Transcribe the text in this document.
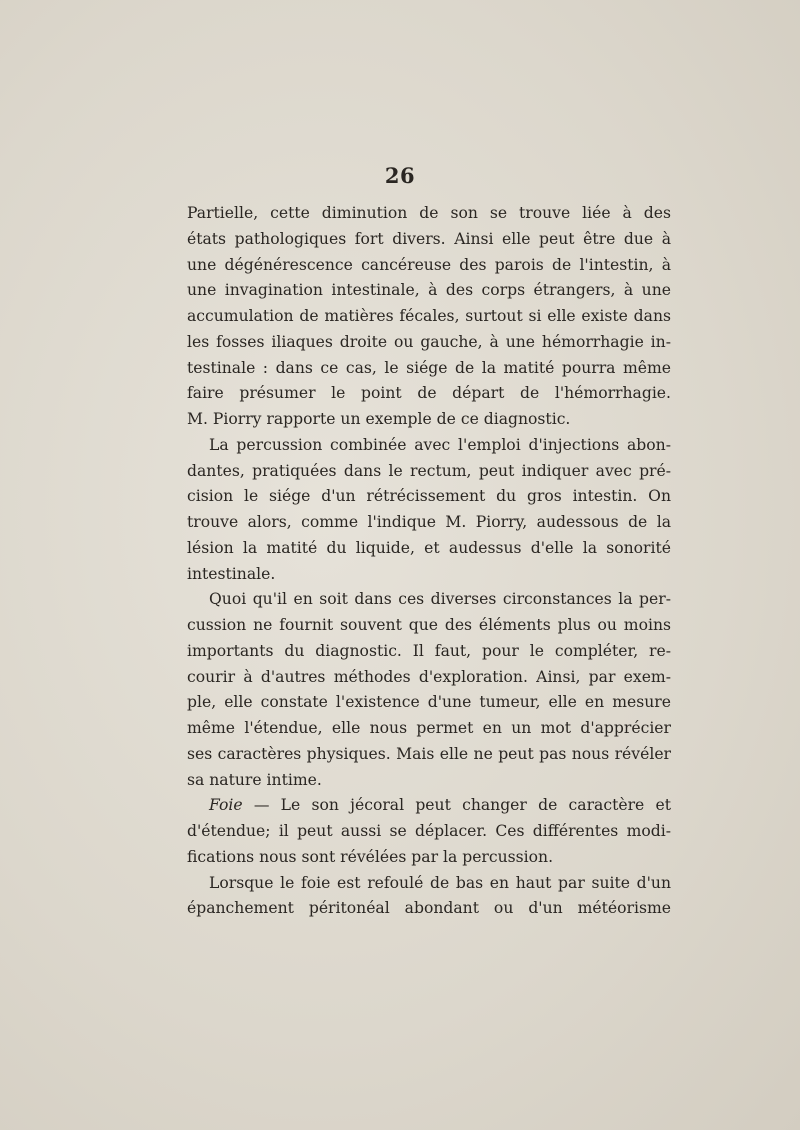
26
Partielle, cette diminution de son se trouve liée à des
états pathologiques fort divers. Ainsi elle peut être due à
une dégénérescence cancéreuse des parois de l'intestin, à
une invagination intestinale, à des corps étrangers, à une
accumulation de matières fécales, surtout si elle existe dans
les fosses iliaques droite ou gauche, à une hémorrhagie in-
testinale : dans ce cas, le siége de la matité pourra même
faire présumer le point de départ de l'hémorrhagie.
M. Piorry rapporte un exemple de ce diagnostic.
La percussion combinée avec l'emploi d'injections abon-
dantes, pratiquées dans le rectum, peut indiquer avec pré-
cision le siége d'un rétrécissement du gros intestin. On
trouve alors, comme l'indique M. Piorry, audessous de la
lésion la matité du liquide, et audessus d'elle la sonorité
intestinale.
Quoi qu'il en soit dans ces diverses circonstances la per-
cussion ne fournit souvent que des éléments plus ou moins
importants du diagnostic. Il faut, pour le compléter, re-
courir à d'autres méthodes d'exploration. Ainsi, par exem-
ple, elle constate l'existence d'une tumeur, elle en mesure
même l'étendue, elle nous permet en un mot d'apprécier
ses caractères physiques. Mais elle ne peut pas nous révéler
sa nature intime.
Foie — Le son jécoral peut changer de caractère et
d'étendue; il peut aussi se déplacer. Ces différentes modi-
fications nous sont révélées par la percussion.
Lorsque le foie est refoulé de bas en haut par suite d'un
épanchement péritonéal abondant ou d'un météorisme
